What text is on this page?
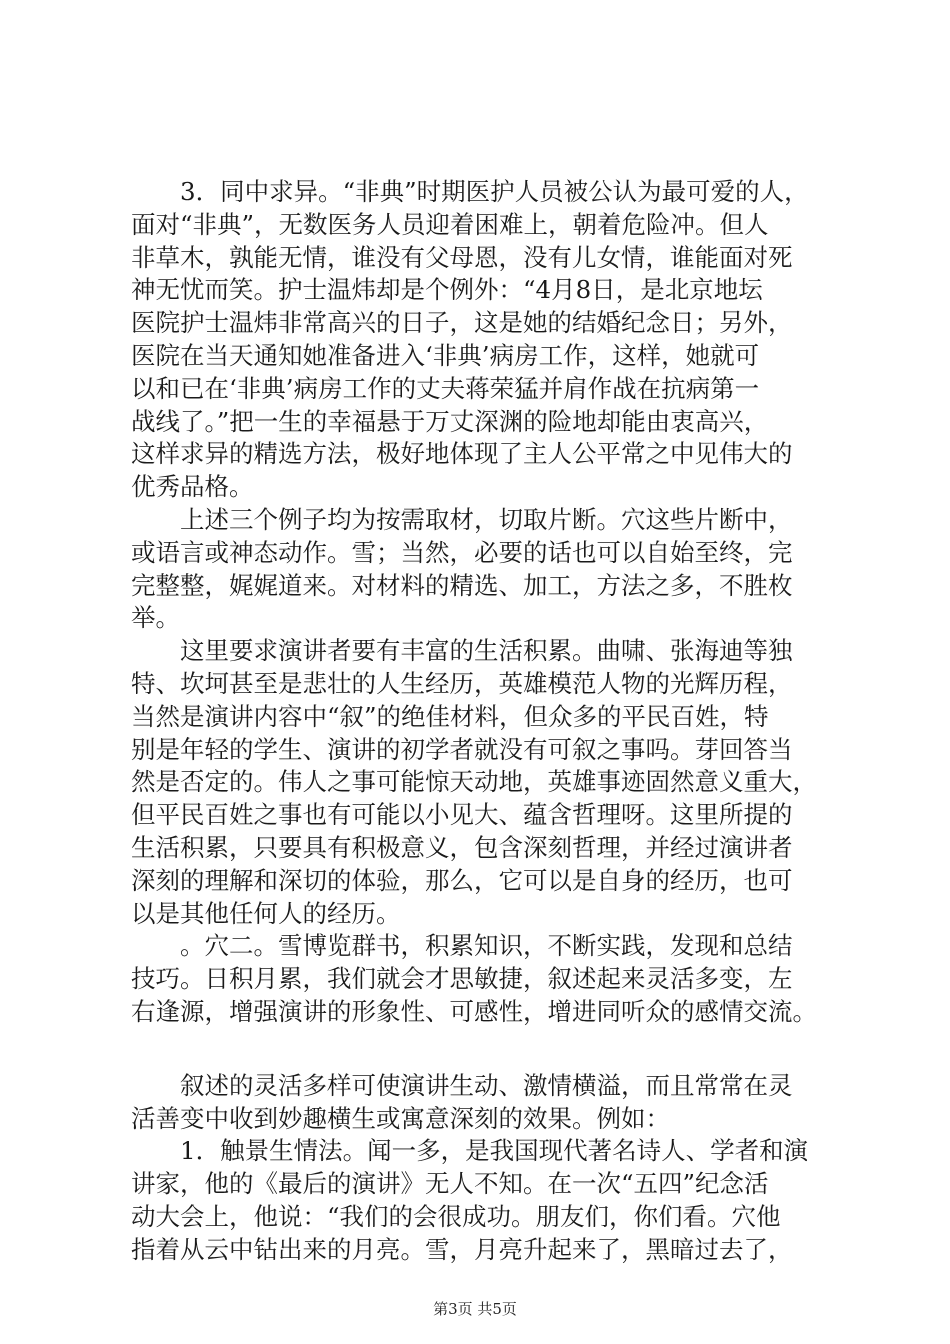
3．同中求异。“非典”时期医护人员被公认为最可爱的人，
面对“非典”，无数医务人员迎着困难上，朝着危险冲。但人
非草木，孰能无情，谁没有父母恩，没有儿女情，谁能面对死
神无忧而笑。护士温炜却是个例外：“4月8日，是北京地坛
医院护士温炜非常高兴的日子，这是她的结婚纪念日；另外，
医院在当天通知她准备进入‘非典’病房工作，这样，她就可
以和已在‘非典’病房工作的丈夫蒋荣猛并肩作战在抗病第一
战线了。”把一生的幸福悬于万丈深渊的险地却能由衷高兴，
这样求异的精选方法，极好地体现了主人公平常之中见伟大的
优秀品格。
上述三个例子均为按需取材，切取片断。穴这些片断中，
或语言或神态动作。雪；当然，必要的话也可以自始至终，完
完整整，娓娓道来。对材料的精选、加工，方法之多，不胜枚
举。
这里要求演讲者要有丰富的生活积累。曲啸、张海迪等独
特、坎坷甚至是悲壮的人生经历，英雄模范人物的光辉历程，
当然是演讲内容中“叙”的绝佳材料，但众多的平民百姓，特
别是年轻的学生、演讲的初学者就没有可叙之事吗。芽回答当
然是否定的。伟人之事可能惊天动地，英雄事迹固然意义重大，
但平民百姓之事也有可能以小见大、蕴含哲理呀。这里所提的
生活积累，只要具有积极意义，包含深刻哲理，并经过演讲者
深刻的理解和深切的体验，那么，它可以是自身的经历，也可
以是其他任何人的经历。
。穴二。雪博览群书，积累知识，不断实践，发现和总结
技巧。日积月累，我们就会才思敏捷，叙述起来灵活多变，左
右逢源，增强演讲的形象性、可感性，增进同听众的感情交流。
叙述的灵活多样可使演讲生动、激情横溢，而且常常在灵
活善变中收到妙趣横生或寓意深刻的效果。例如：
1．触景生情法。闻一多，是我国现代著名诗人、学者和演
讲家，他的《最后的演讲》无人不知。在一次“五四”纪念活
动大会上，他说：“我们的会很成功。朋友们，你们看。穴他
指着从云中钻出来的月亮。雪，月亮升起来了，黑暗过去了，
第3页 共5页
